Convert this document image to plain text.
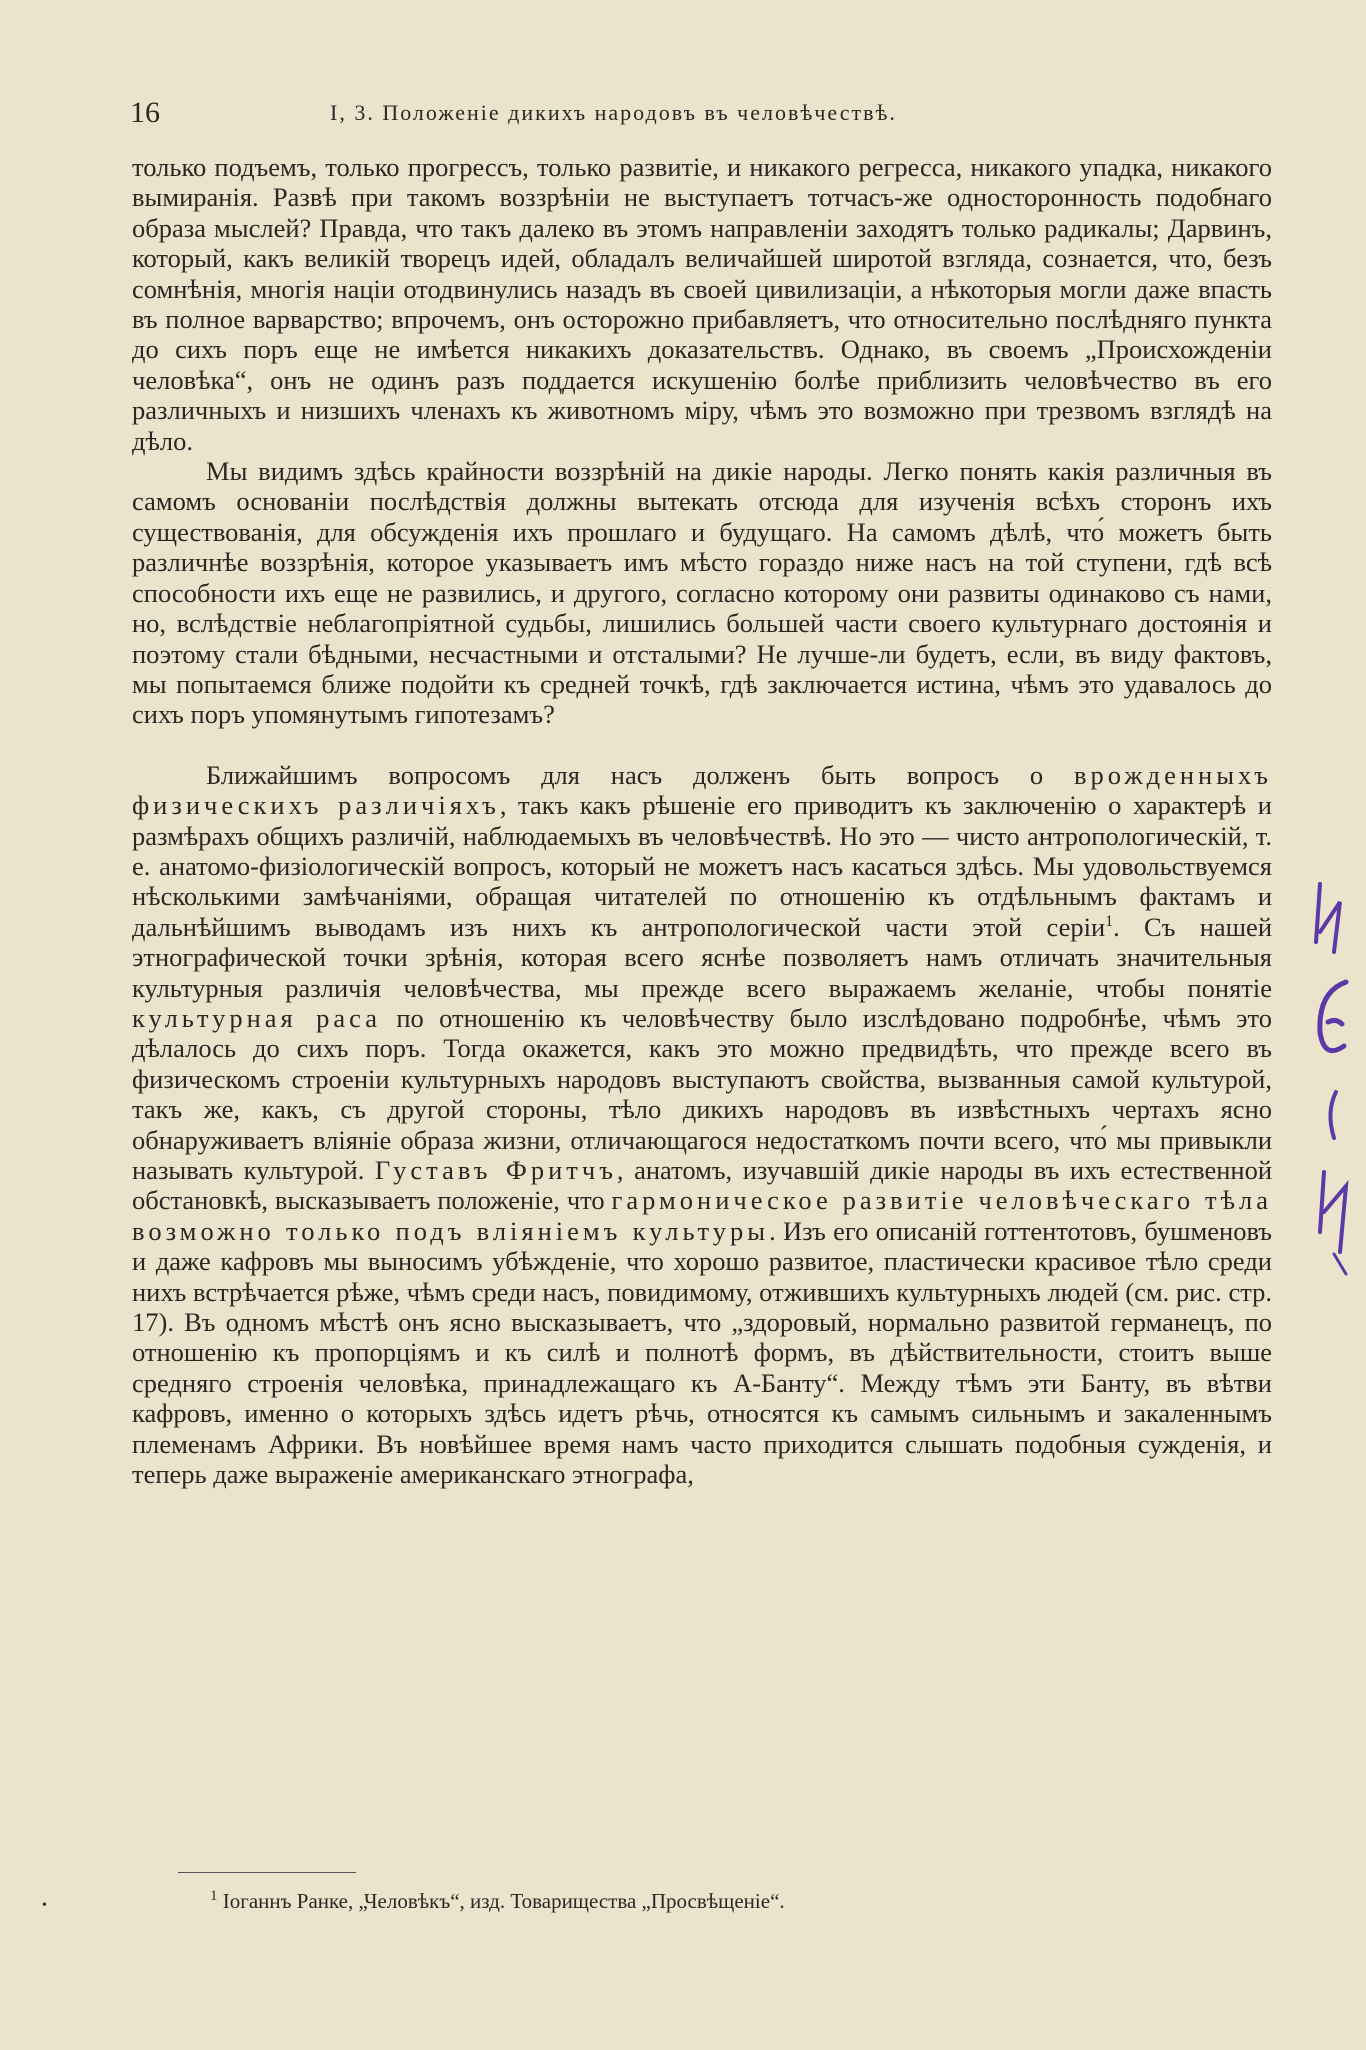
16	I, 3. Положенiе дикихъ народовъ въ человѣчествѣ.

только подъемъ, только прогрессъ, только развитiе, и никакого регресса, никакого упадка, никакого вымиранiя. Развѣ при такомъ воззрѣнiи не выступаетъ тотчасъ-же односторонность подобнаго образа мыслей? Правда, что такъ далеко въ этомъ направленiи заходятъ только радикалы; Дарвинъ, который, какъ великiй творецъ идей, обладалъ величайшей широтой взгляда, сознается, что, безъ сомнѣнiя, многiя нацiи отодвинулись назадъ въ своей цивилизацiи, а нѣкоторыя могли даже впасть въ полное варварство; впрочемъ, онъ осторожно прибавляетъ, что относительно послѣдняго пункта до сихъ поръ еще не имѣется никакихъ доказательствъ. Однако, въ своемъ „Происхожденiи человѣка“, онъ не одинъ разъ поддается искушенiю болѣе приблизить человѣчество въ его различныхъ и низшихъ членахъ къ животномъ мiру, чѣмъ это возможно при трезвомъ взглядѣ на дѣло.

Мы видимъ здѣсь крайности воззрѣнiй на дикiе народы. Легко понять какiя различныя въ самомъ основанiи послѣдствiя должны вытекать отсюда для изученiя всѣхъ сторонъ ихъ существованiя, для обсужденiя ихъ прошлаго и будущаго. На самомъ дѣлѣ, что́ можетъ быть различнѣе воззрѣнiя, которое указываетъ имъ мѣсто гораздо ниже насъ на той ступени, гдѣ всѣ способности ихъ еще не развились, и другого, согласно которому они развиты одинаково съ нами, но, вслѣдствiе неблагопрiятной судьбы, лишились большей части своего культурнаго достоянiя и поэтому стали бѣдными, несчастными и отсталыми? Не лучше-ли будетъ, если, въ виду фактовъ, мы попытаемся ближе подойти къ средней точкѣ, гдѣ заключается истина, чѣмъ это удавалось до сихъ поръ упомянутымъ гипотезамъ?

Ближайшимъ вопросомъ для насъ долженъ быть вопросъ о врожденныхъ физическихъ различiяхъ, такъ какъ рѣшенiе его приводитъ къ заключенiю о характерѣ и размѣрахъ общихъ различiй, наблюдаемыхъ въ человѣчествѣ. Но это — чисто антропологическiй, т. е. анатомо-физiологическiй вопросъ, который не можетъ насъ касаться здѣсь. Мы удовольствуемся нѣсколькими замѣчанiями, обращая читателей по отношенiю къ отдѣльнымъ фактамъ и дальнѣйшимъ выводамъ изъ нихъ къ антропологической части этой серiи$^1$. Съ нашей этнографической точки зрѣнiя, которая всего яснѣе позволяетъ намъ отличать значительныя культурныя различiя человѣчества, мы прежде всего выражаемъ желанiе, чтобы понятiе культурная раса по отношенiю къ человѣчеству было изслѣдовано подробнѣе, чѣмъ это дѣлалось до сихъ поръ. Тогда окажется, какъ это можно предвидѣть, что прежде всего въ физическомъ строенiи культурныхъ народовъ выступаютъ свойства, вызванныя самой культурой, такъ же, какъ, съ другой стороны, тѣло дикихъ народовъ въ извѣстныхъ чертахъ ясно обнаруживаетъ влiянiе образа жизни, отличающагося недостаткомъ почти всего, что́ мы привыкли называть культурой. Густавъ Фритчъ, анатомъ, изучавшiй дикiе народы въ ихъ естественной обстановкѣ, высказываетъ положенiе, что гармоническое развитiе человѣческаго тѣла возможно только подъ влiянiемъ культуры. Изъ его описанiй готтентотовъ, бушменовъ и даже кафровъ мы выносимъ убѣжденiе, что хорошо развитое, пластически красивое тѣло среди нихъ встрѣчается рѣже, чѣмъ среди насъ, повидимому, отжившихъ культурныхъ людей (см. рис. стр. 17). Въ одномъ мѣстѣ онъ ясно высказываетъ, что „здоровый, нормально развитой германецъ, по отношенiю къ пропорцiямъ и къ силѣ и полнотѣ формъ, въ дѣйствительности, стоитъ выше средняго строенiя человѣка, принадлежащаго къ А-Банту“. Между тѣмъ эти Банту, въ вѣтви кафровъ, именно о которыхъ здѣсь идетъ рѣчь, относятся къ самымъ сильнымъ и закаленнымъ племенамъ Африки. Въ новѣйшее время намъ часто приходится слышать подобныя сужденiя, и теперь даже выраженiе американскаго этнографа,

$^1$ Iоганнъ Ранке, „Человѣкъ“, изд. Товарищества „Просвѣщенiе“.
•
